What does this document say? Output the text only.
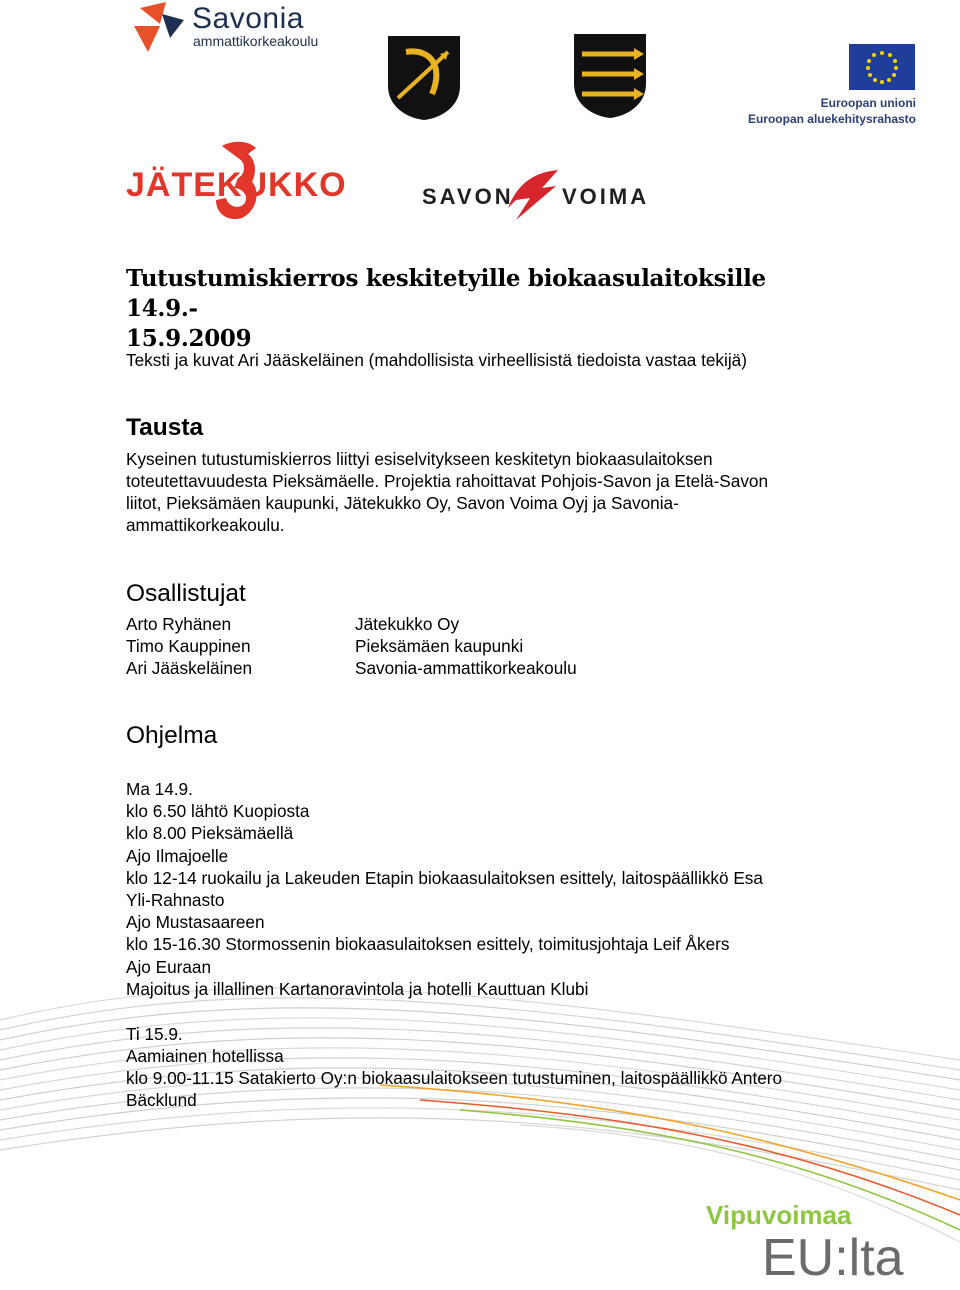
Savonia
ammattikorkeakoulu
Euroopan unioni
Euroopan aluekehitysrahasto
JÄTEKUKKO	SAVON VOIMA
Tutustumiskierros keskitetyille biokaasulaitoksille 14.9.-
15.9.2009
Teksti ja kuvat Ari Jääskeläinen (mahdollisista virheellisistä tiedoista vastaa tekijä)
Tausta
Kyseinen tutustumiskierros liittyi esiselvitykseen keskitetyn biokaasulaitoksen
toteutettavuudesta Pieksämäelle. Projektia rahoittavat Pohjois-Savon ja Etelä-Savon
liitot, Pieksämäen kaupunki, Jätekukko Oy, Savon Voima Oyj ja Savonia-
ammattikorkeakoulu.
Osallistujat
Arto Ryhänen	Jätekukko Oy
Timo Kauppinen	Pieksämäen kaupunki
Ari Jääskeläinen	Savonia-ammattikorkeakoulu
Ohjelma
Ma 14.9.
klo 6.50 lähtö Kuopiosta
klo 8.00 Pieksämäellä
Ajo Ilmajoelle
klo 12-14 ruokailu ja Lakeuden Etapin biokaasulaitoksen esittely, laitospäällikkö Esa
Yli-Rahnasto
Ajo Mustasaareen
klo 15-16.30 Stormossenin biokaasulaitoksen esittely, toimitusjohtaja Leif Åkers
Ajo Euraan
Majoitus ja illallinen Kartanoravintola ja hotelli Kauttuan Klubi
Ti 15.9.
Aamiainen hotellissa
klo 9.00-11.15 Satakierto Oy:n biokaasulaitokseen tutustuminen, laitospäällikkö Antero
Bäcklund
Vipuvoimaa
EU:lta
